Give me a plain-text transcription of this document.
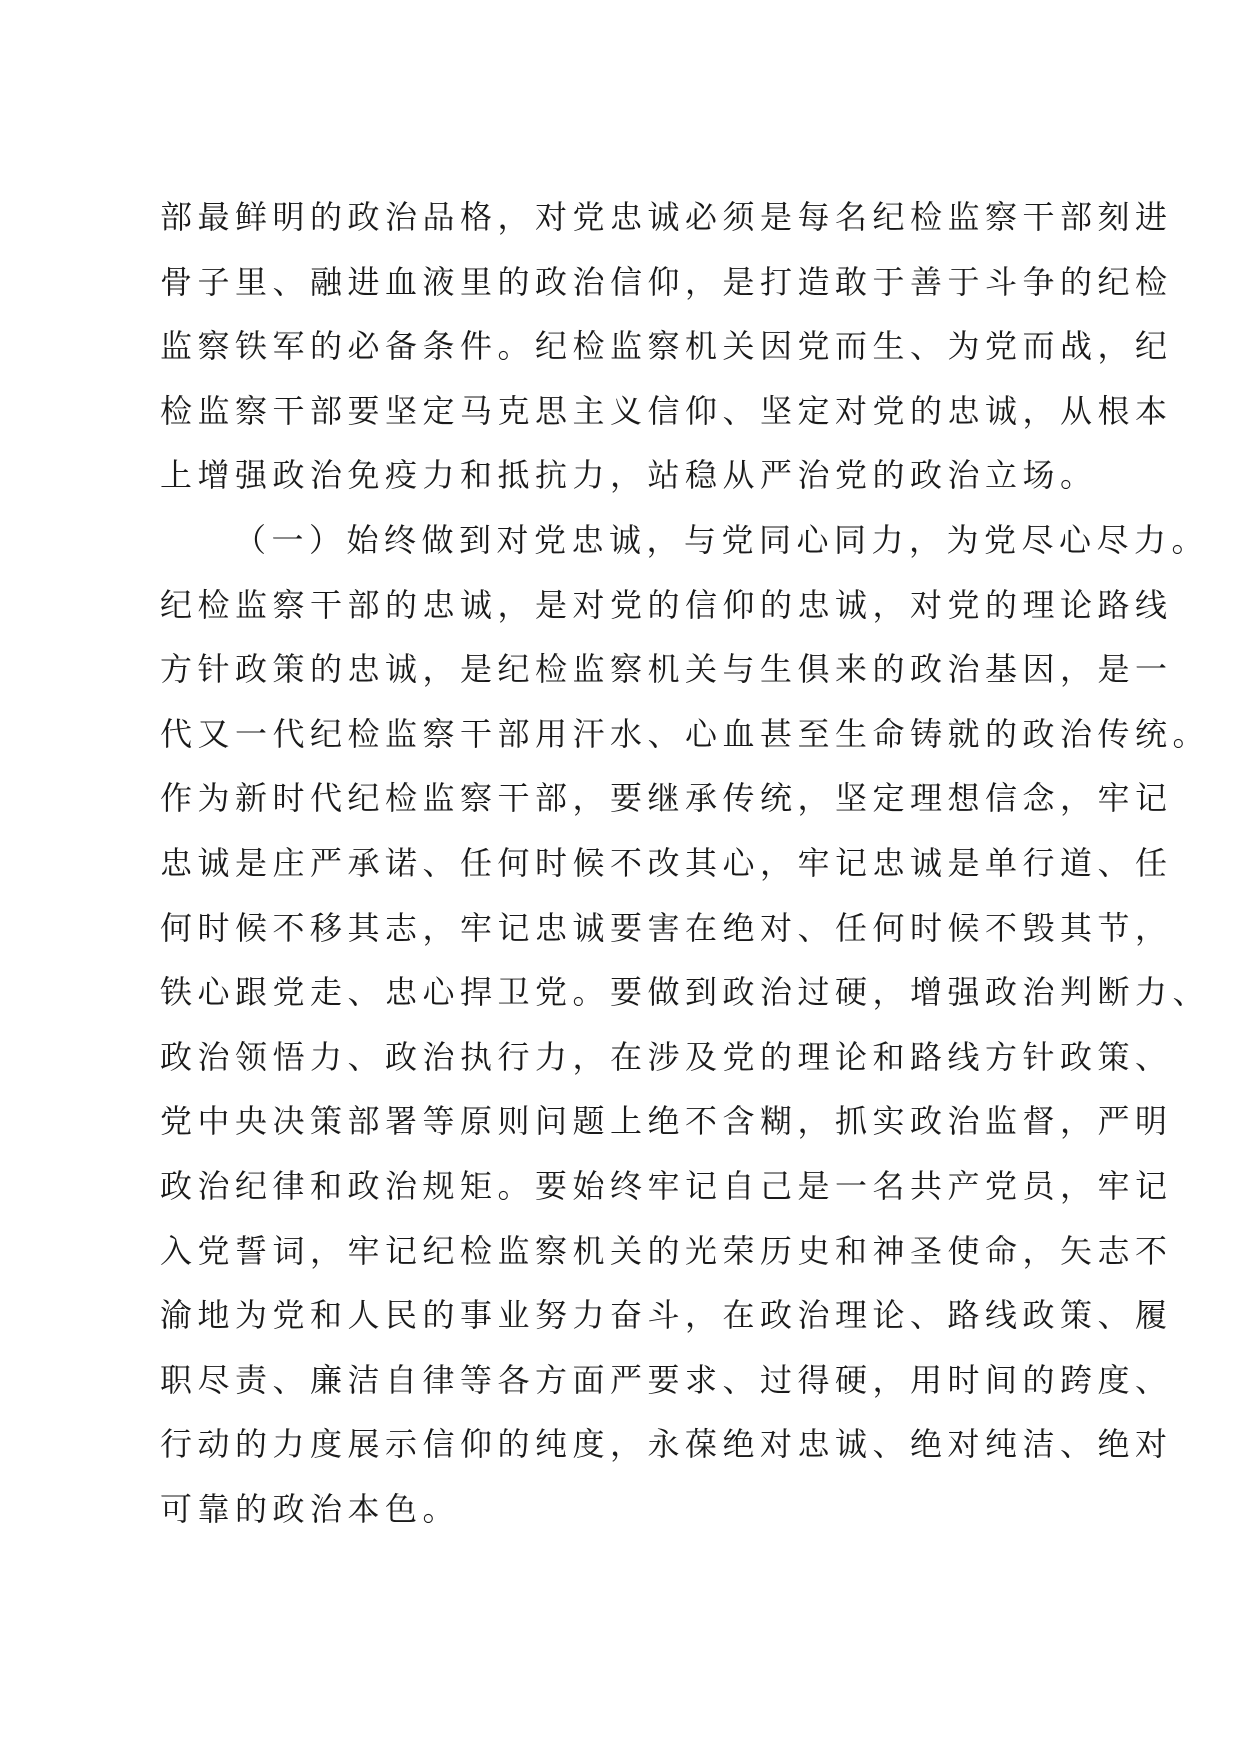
部最鲜明的政治品格，对党忠诚必须是每名纪检监察干部刻进
骨子里、融进血液里的政治信仰，是打造敢于善于斗争的纪检
监察铁军的必备条件。纪检监察机关因党而生、为党而战，纪
检监察干部要坚定马克思主义信仰、坚定对党的忠诚，从根本
上增强政治免疫力和抵抗力，站稳从严治党的政治立场。
（一）始终做到对党忠诚，与党同心同力，为党尽心尽力。
纪检监察干部的忠诚，是对党的信仰的忠诚，对党的理论路线
方针政策的忠诚，是纪检监察机关与生俱来的政治基因，是一
代又一代纪检监察干部用汗水、心血甚至生命铸就的政治传统。
作为新时代纪检监察干部，要继承传统，坚定理想信念，牢记
忠诚是庄严承诺、任何时候不改其心，牢记忠诚是单行道、任
何时候不移其志，牢记忠诚要害在绝对、任何时候不毁其节，
铁心跟党走、忠心捍卫党。要做到政治过硬，增强政治判断力、
政治领悟力、政治执行力，在涉及党的理论和路线方针政策、
党中央决策部署等原则问题上绝不含糊，抓实政治监督，严明
政治纪律和政治规矩。要始终牢记自己是一名共产党员，牢记
入党誓词，牢记纪检监察机关的光荣历史和神圣使命，矢志不
渝地为党和人民的事业努力奋斗，在政治理论、路线政策、履
职尽责、廉洁自律等各方面严要求、过得硬，用时间的跨度、
行动的力度展示信仰的纯度，永葆绝对忠诚、绝对纯洁、绝对
可靠的政治本色。
